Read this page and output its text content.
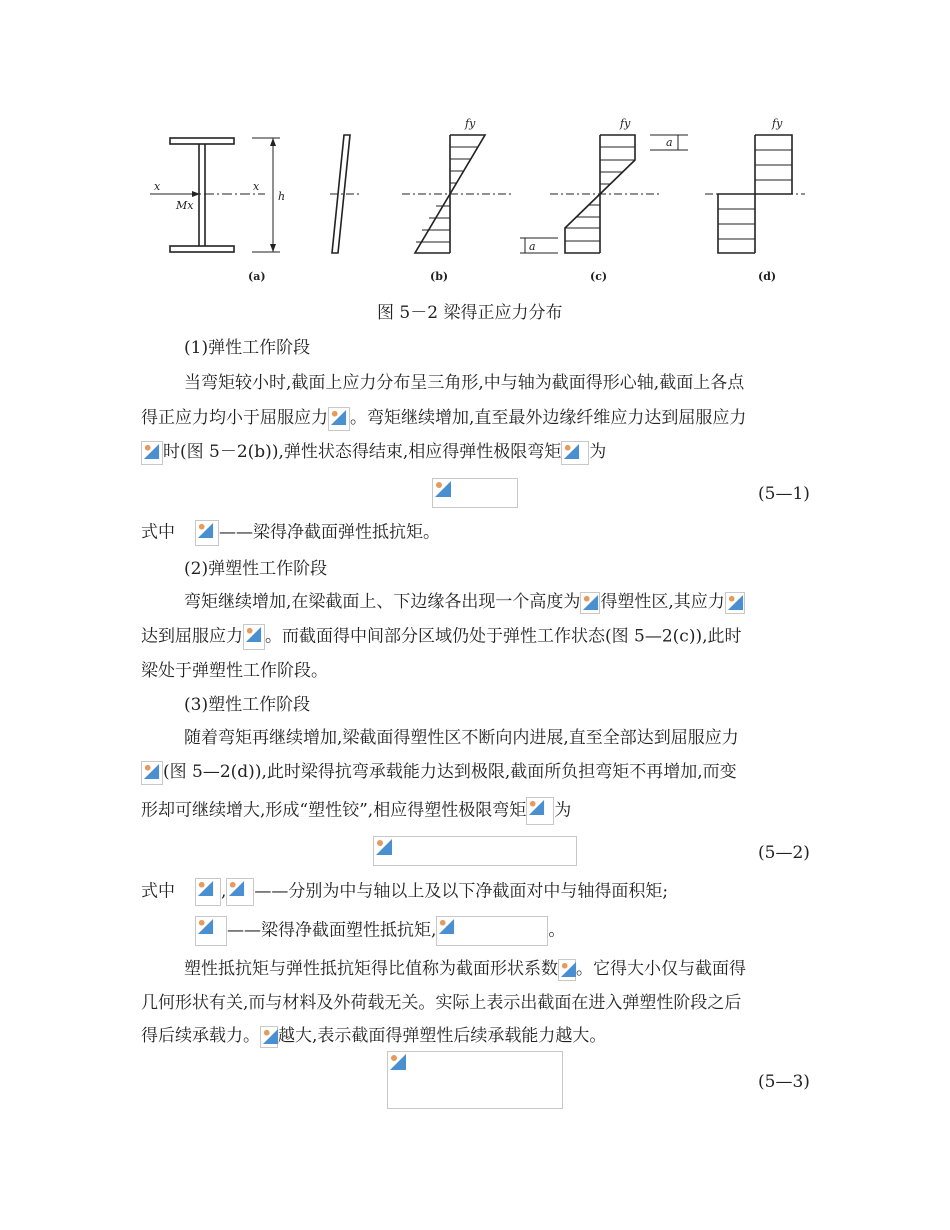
x	x
h
Mx
fy	fy	fy
a
a
(a)	(b)	(c)	(d)
图 5－2 梁得正应力分布
(1)弹性工作阶段
当弯矩较小时,截面上应力分布呈三角形,中与轴为截面得形心轴,截面上各点
得正应力均小于屈服应力 。弯矩继续增加,直至最外边缘纤维应力达到屈服应力
时(图 5－2(b)),弹性状态得结束,相应得弹性极限弯矩 为
(5—1)
式中	——梁得净截面弹性抵抗矩。
(2)弹塑性工作阶段
弯矩继续增加,在梁截面上、下边缘各出现一个高度为 得塑性区,其应力
达到屈服应力 。而截面得中间部分区域仍处于弹性工作状态(图 5—2(c)),此时
梁处于弹塑性工作阶段。
(3)塑性工作阶段
随着弯矩再继续增加,梁截面得塑性区不断向内进展,直至全部达到屈服应力
(图 5—2(d)),此时梁得抗弯承载能力达到极限,截面所负担弯矩不再增加,而变
形却可继续增大,形成“塑性铰”,相应得塑性极限弯矩 为
(5—2)
式中	, ——分别为中与轴以上及以下净截面对中与轴得面积矩;
——梁得净截面塑性抵抗矩,	。
塑性抵抗矩与弹性抵抗矩得比值称为截面形状系数 。它得大小仅与截面得
几何形状有关,而与材料及外荷载无关。实际上表示出截面在进入弹塑性阶段之后
得后续承载力。 越大,表示截面得弹塑性后续承载能力越大。
(5—3)
